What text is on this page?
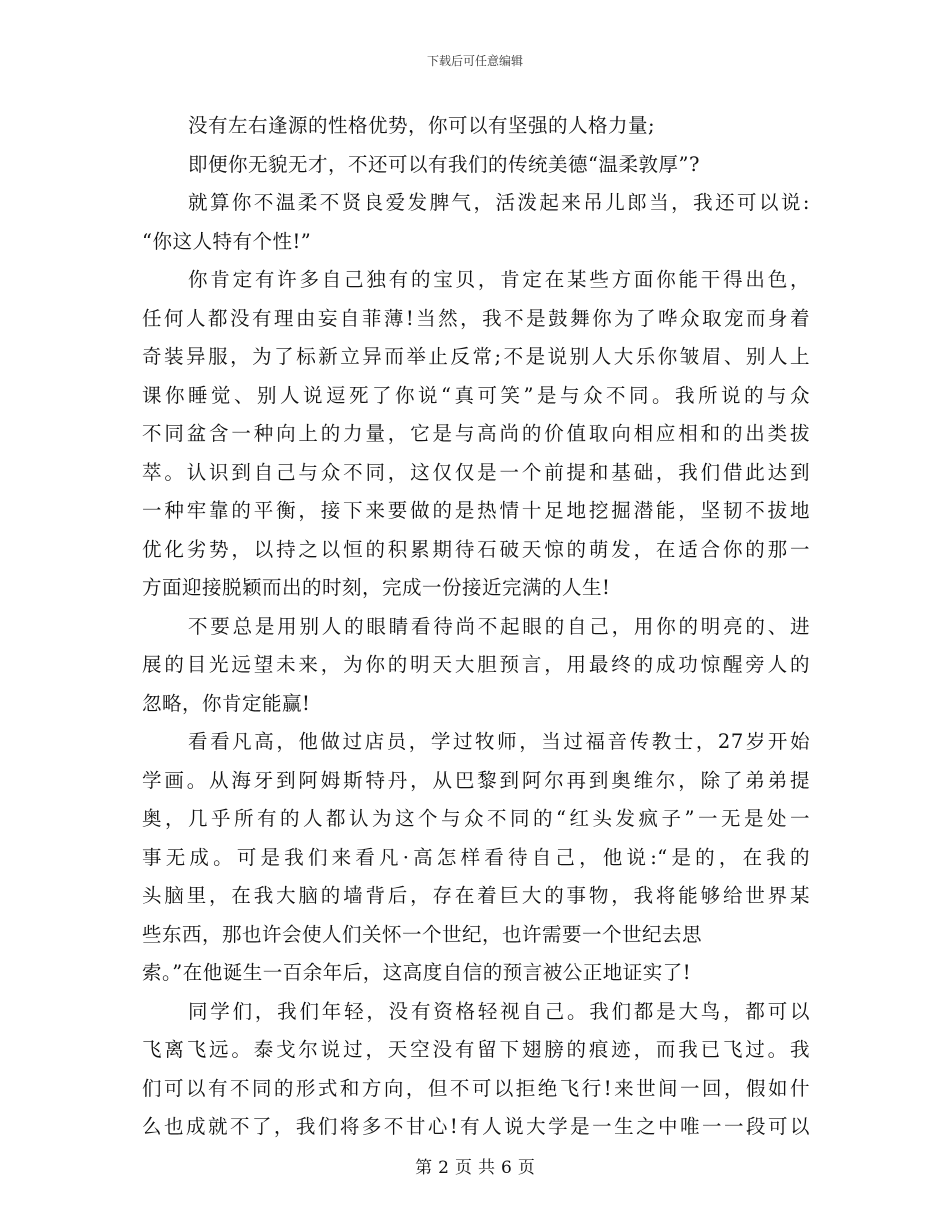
下载后可任意编辑
没有左右逢源的性格优势，你可以有坚强的人格力量;
即便你无貌无才，不还可以有我们的传统美德“温柔敦厚”?
就算你不温柔不贤良爱发脾气，活泼起来吊儿郎当，我还可以说:
“你这人特有个性!”
你肯定有许多自己独有的宝贝，肯定在某些方面你能干得出色，
任何人都没有理由妄自菲薄!当然，我不是鼓舞你为了哗众取宠而身着
奇装异服，为了标新立异而举止反常;不是说别人大乐你皱眉、别人上
课你睡觉、别人说逗死了你说“真可笑”是与众不同。我所说的与众
不同盆含一种向上的力量，它是与高尚的价值取向相应相和的出类拔
萃。认识到自己与众不同，这仅仅是一个前提和基础，我们借此达到
一种牢靠的平衡，接下来要做的是热情十足地挖掘潜能，坚韧不拔地
优化劣势，以持之以恒的积累期待石破天惊的萌发，在适合你的那一
方面迎接脱颖而出的时刻，完成一份接近完满的人生!
不要总是用别人的眼睛看待尚不起眼的自己，用你的明亮的、进
展的目光远望未来，为你的明天大胆预言，用最终的成功惊醒旁人的
忽略，你肯定能赢!
看看凡高，他做过店员，学过牧师，当过福音传教士，27岁开始
学画。从海牙到阿姆斯特丹，从巴黎到阿尔再到奥维尔，除了弟弟提
奥，几乎所有的人都认为这个与众不同的“红头发疯子”一无是处一
事无成。可是我们来看凡·高怎样看待自己，他说:“是的，在我的
头脑里，在我大脑的墙背后，存在着巨大的事物，我将能够给世界某
些东西，那也许会使人们关怀一个世纪，也许需要一个世纪去思
索。”在他诞生一百余年后，这高度自信的预言被公正地证实了!
同学们，我们年轻，没有资格轻视自己。我们都是大鸟，都可以
飞离飞远。泰戈尔说过，天空没有留下翅膀的痕迹，而我已飞过。我
们可以有不同的形式和方向，但不可以拒绝飞行!来世间一回，假如什
么也成就不了，我们将多不甘心!有人说大学是一生之中唯一一段可以
第 2 页 共 6 页
